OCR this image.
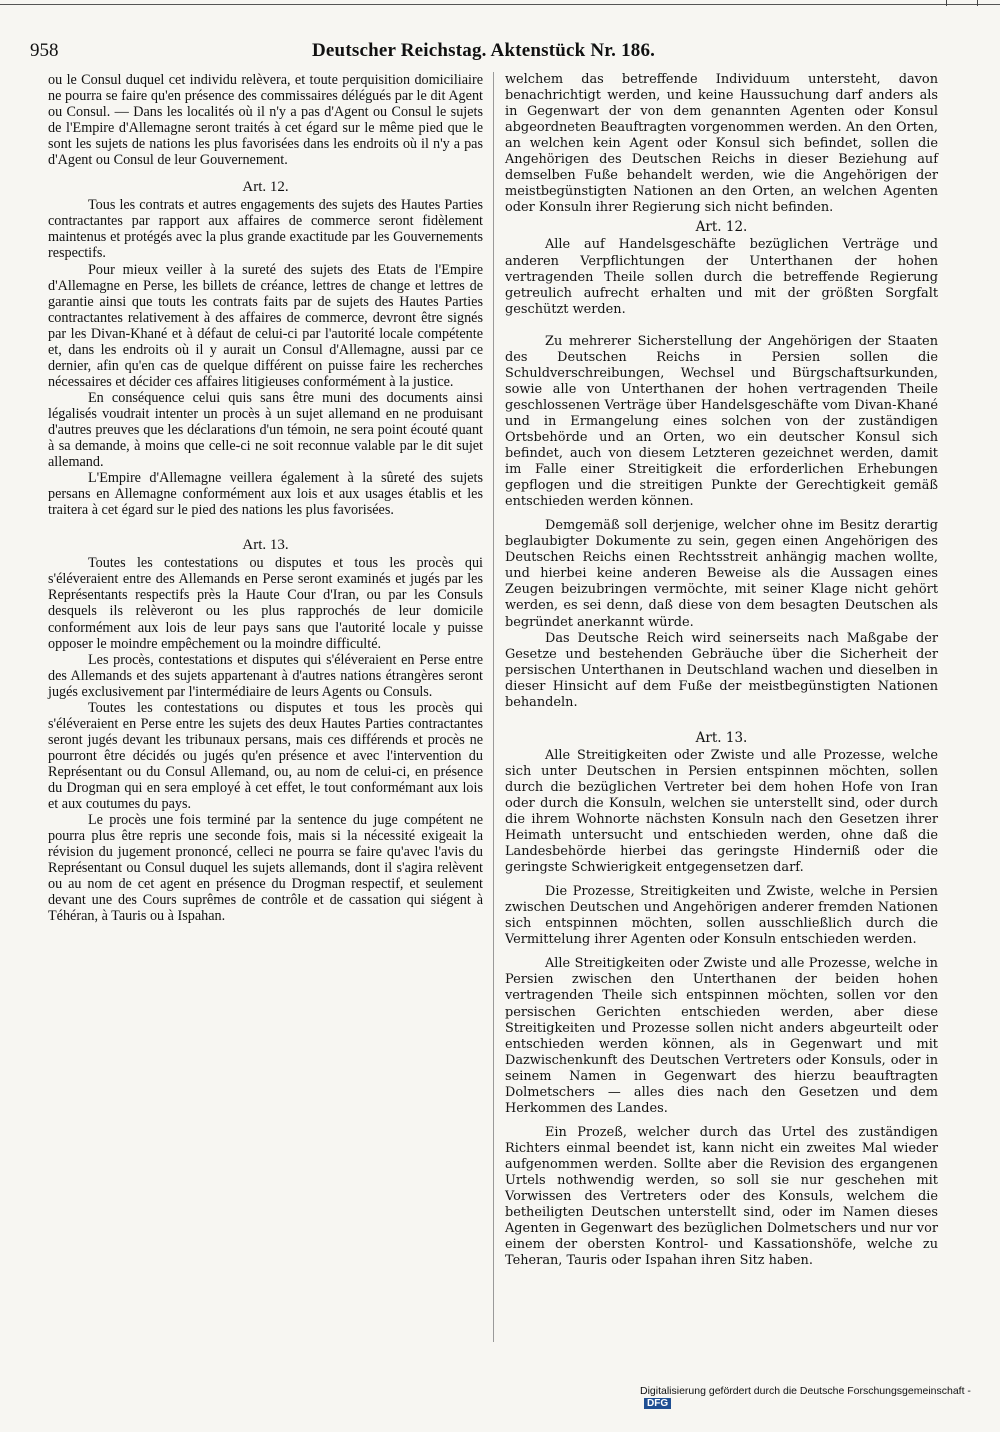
958	Deutscher Reichstag. Aktenstück Nr. 186.

ou le Consul duquel cet individu relèvera, et toute perquisition domiciliaire ne pourra se faire qu'en présence des commissaires délégués par le dit Agent ou Consul. — Dans les localités où il n'y a pas d'Agent ou Consul le sujets de l'Empire d'Allemagne seront traités à cet égard sur le même pied que le sont les sujets de nations les plus favorisées dans les endroits où il n'y a pas d'Agent ou Consul de leur Gouvernement.

Art. 12.

Tous les contrats et autres engagements des sujets des Hautes Parties contractantes par rapport aux affaires de commerce seront fidèlement maintenus et protégés avec la plus grande exactitude par les Gouvernements respectifs.

Pour mieux veiller à la sureté des sujets des Etats de l'Empire d'Allemagne en Perse, les billets de créance, lettres de change et lettres de garantie ainsi que touts les contrats faits par de sujets des Hautes Parties contractantes relativement à des affaires de commerce, devront être signés par les Divan-Khané et à défaut de celui-ci par l'autorité locale compétente et, dans les endroits où il y aurait un Consul d'Allemagne, aussi par ce dernier, afin qu'en cas de quelque différent on puisse faire les recherches nécessaires et décider ces affaires litigieuses conformément à la justice.

En conséquence celui quis sans être muni des documents ainsi légalisés voudrait intenter un procès à un sujet allemand en ne produisant d'autres preuves que les déclarations d'un témoin, ne sera point écouté quant à sa demande, à moins que celle-ci ne soit reconnue valable par le dit sujet allemand.

L'Empire d'Allemagne veillera également à la sûreté des sujets persans en Allemagne conformément aux lois et aux usages établis et les traitera à cet égard sur le pied des nations les plus favorisées.

Art. 13.

Toutes les contestations ou disputes et tous les procès qui s'éléveraient entre des Allemands en Perse seront examinés et jugés par les Représentants respectifs près la Haute Cour d'Iran, ou par les Consuls desquels ils relèveront ou les plus rapprochés de leur domicile conformément aux lois de leur pays sans que l'autorité locale y puisse opposer le moindre empêchement ou la moindre difficulté.

Les procès, contestations et disputes qui s'éléveraient en Perse entre des Allemands et des sujets appartenant à d'autres nations étrangères seront jugés exclusivement par l'intermédiaire de leurs Agents ou Consuls.

Toutes les contestations ou disputes et tous les procès qui s'éléveraient en Perse entre les sujets des deux Hautes Parties contractantes seront jugés devant les tribunaux persans, mais ces différends et procès ne pourront être décidés ou jugés qu'en présence et avec l'intervention du Représentant ou du Consul Allemand, ou, au nom de celui-ci, en présence du Drogman qui en sera employé à cet effet, le tout conformémant aux lois et aux coutumes du pays.

Le procès une fois terminé par la sentence du juge compétent ne pourra plus être repris une seconde fois, mais si la nécessité exigeait la révision du jugement prononcé, celleci ne pourra se faire qu'avec l'avis du Représentant ou Consul duquel les sujets allemands, dont il s'agira relèvent ou au nom de cet agent en présence du Drogman respectif, et seulement devant une des Cours suprêmes de contrôle et de cassation qui siégent à Téhéran, à Tauris ou à Ispahan.

welchem das betreffende Individuum untersteht, davon benachrichtigt werden, und keine Haussuchung darf anders als in Gegenwart der von dem genannten Agenten oder Konsul abgeordneten Beauftragten vorgenommen werden. An den Orten, an welchen kein Agent oder Konsul sich befindet, sollen die Angehörigen des Deutschen Reichs in dieser Beziehung auf demselben Fuße behandelt werden, wie die Angehörigen der meistbegünstigten Nationen an den Orten, an welchen Agenten oder Konsuln ihrer Regierung sich nicht befinden.

Art. 12.

Alle auf Handelsgeschäfte bezüglichen Verträge und anderen Verpflichtungen der Unterthanen der hohen vertragenden Theile sollen durch die betreffende Regierung getreulich aufrecht erhalten und mit der größten Sorgfalt geschützt werden.

Zu mehrerer Sicherstellung der Angehörigen der Staaten des Deutschen Reichs in Persien sollen die Schuldverschreibungen, Wechsel und Bürgschaftsurkunden, sowie alle von Unterthanen der hohen vertragenden Theile geschlossenen Verträge über Handelsgeschäfte vom Divan-Khané und in Ermangelung eines solchen von der zuständigen Ortsbehörde und an Orten, wo ein deutscher Konsul sich befindet, auch von diesem Letzteren gezeichnet werden, damit im Falle einer Streitigkeit die erforderlichen Erhebungen gepflogen und die streitigen Punkte der Gerechtigkeit gemäß entschieden werden können.

Demgemäß soll derjenige, welcher ohne im Besitz derartig beglaubigter Dokumente zu sein, gegen einen Angehörigen des Deutschen Reichs einen Rechtsstreit anhängig machen wollte, und hierbei keine anderen Beweise als die Aussagen eines Zeugen beizubringen vermöchte, mit seiner Klage nicht gehört werden, es sei denn, daß diese von dem besagten Deutschen als begründet anerkannt würde.

Das Deutsche Reich wird seinerseits nach Maßgabe der Gesetze und bestehenden Gebräuche über die Sicherheit der persischen Unterthanen in Deutschland wachen und dieselben in dieser Hinsicht auf dem Fuße der meistbegünstigten Nationen behandeln.

Art. 13.

Alle Streitigkeiten oder Zwiste und alle Prozesse, welche sich unter Deutschen in Persien entspinnen möchten, sollen durch die bezüglichen Vertreter bei dem hohen Hofe von Iran oder durch die Konsuln, welchen sie unterstellt sind, oder durch die ihrem Wohnorte nächsten Konsuln nach den Gesetzen ihrer Heimath untersucht und entschieden werden, ohne daß die Landesbehörde hierbei das geringste Hinderniß oder die geringste Schwierigkeit entgegensetzen darf.

Die Prozesse, Streitigkeiten und Zwiste, welche in Persien zwischen Deutschen und Angehörigen anderer fremden Nationen sich entspinnen möchten, sollen ausschließlich durch die Vermittelung ihrer Agenten oder Konsuln entschieden werden.

Alle Streitigkeiten oder Zwiste und alle Prozesse, welche in Persien zwischen den Unterthanen der beiden hohen vertragenden Theile sich entspinnen möchten, sollen vor den persischen Gerichten entschieden werden, aber diese Streitigkeiten und Prozesse sollen nicht anders abgeurteilt oder entschieden werden können, als in Gegenwart und mit Dazwischenkunft des Deutschen Vertreters oder Konsuls, oder in seinem Namen in Gegenwart des hierzu beauftragten Dolmetschers — alles dies nach den Gesetzen und dem Herkommen des Landes.

Ein Prozeß, welcher durch das Urtel des zuständigen Richters einmal beendet ist, kann nicht ein zweites Mal wieder aufgenommen werden. Sollte aber die Revision des ergangenen Urtels nothwendig werden, so soll sie nur geschehen mit Vorwissen des Vertreters oder des Konsuls, welchem die betheiligten Deutschen unterstellt sind, oder im Namen dieses Agenten in Gegenwart des bezüglichen Dolmetschers und nur vor einem der obersten Kontrol- und Kassationshöfe, welche zu Teheran, Tauris oder Ispahan ihren Sitz haben.

Digitalisierung gefördert durch die Deutsche Forschungsgemeinschaft - DFG
